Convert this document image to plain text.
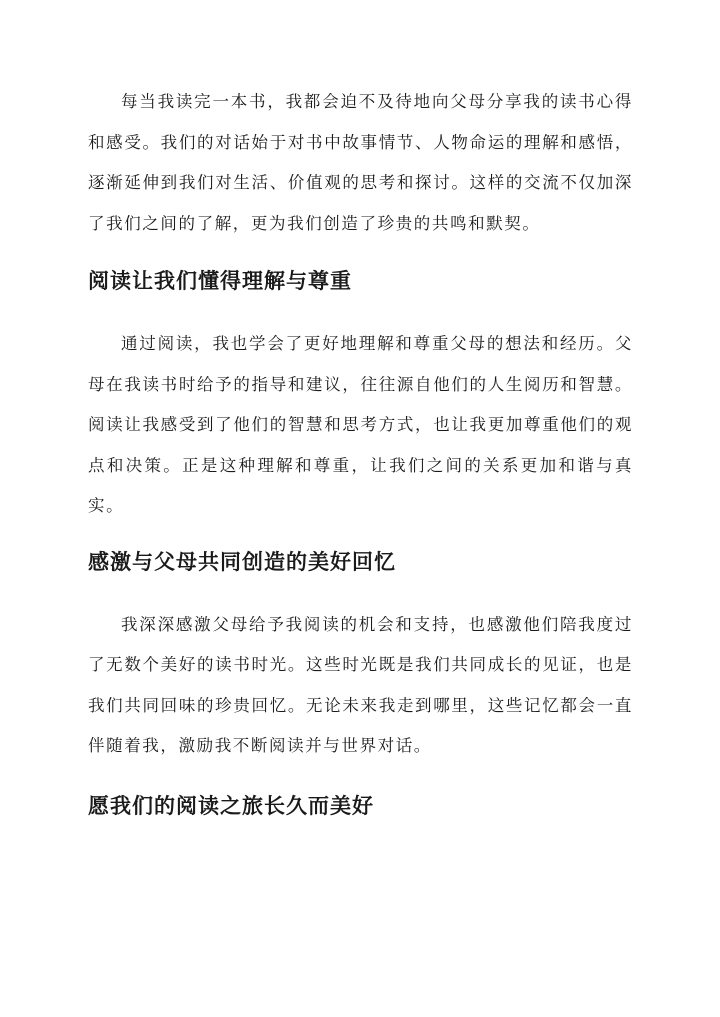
每当我读完一本书，我都会迫不及待地向父母分享我的读书心得和感受。我们的对话始于对书中故事情节、人物命运的理解和感悟，逐渐延伸到我们对生活、价值观的思考和探讨。这样的交流不仅加深了我们之间的了解，更为我们创造了珍贵的共鸣和默契。

阅读让我们懂得理解与尊重

通过阅读，我也学会了更好地理解和尊重父母的想法和经历。父母在我读书时给予的指导和建议，往往源自他们的人生阅历和智慧。阅读让我感受到了他们的智慧和思考方式，也让我更加尊重他们的观点和决策。正是这种理解和尊重，让我们之间的关系更加和谐与真实。

感激与父母共同创造的美好回忆

我深深感激父母给予我阅读的机会和支持，也感激他们陪我度过了无数个美好的读书时光。这些时光既是我们共同成长的见证，也是我们共同回味的珍贵回忆。无论未来我走到哪里，这些记忆都会一直伴随着我，激励我不断阅读并与世界对话。

愿我们的阅读之旅长久而美好
